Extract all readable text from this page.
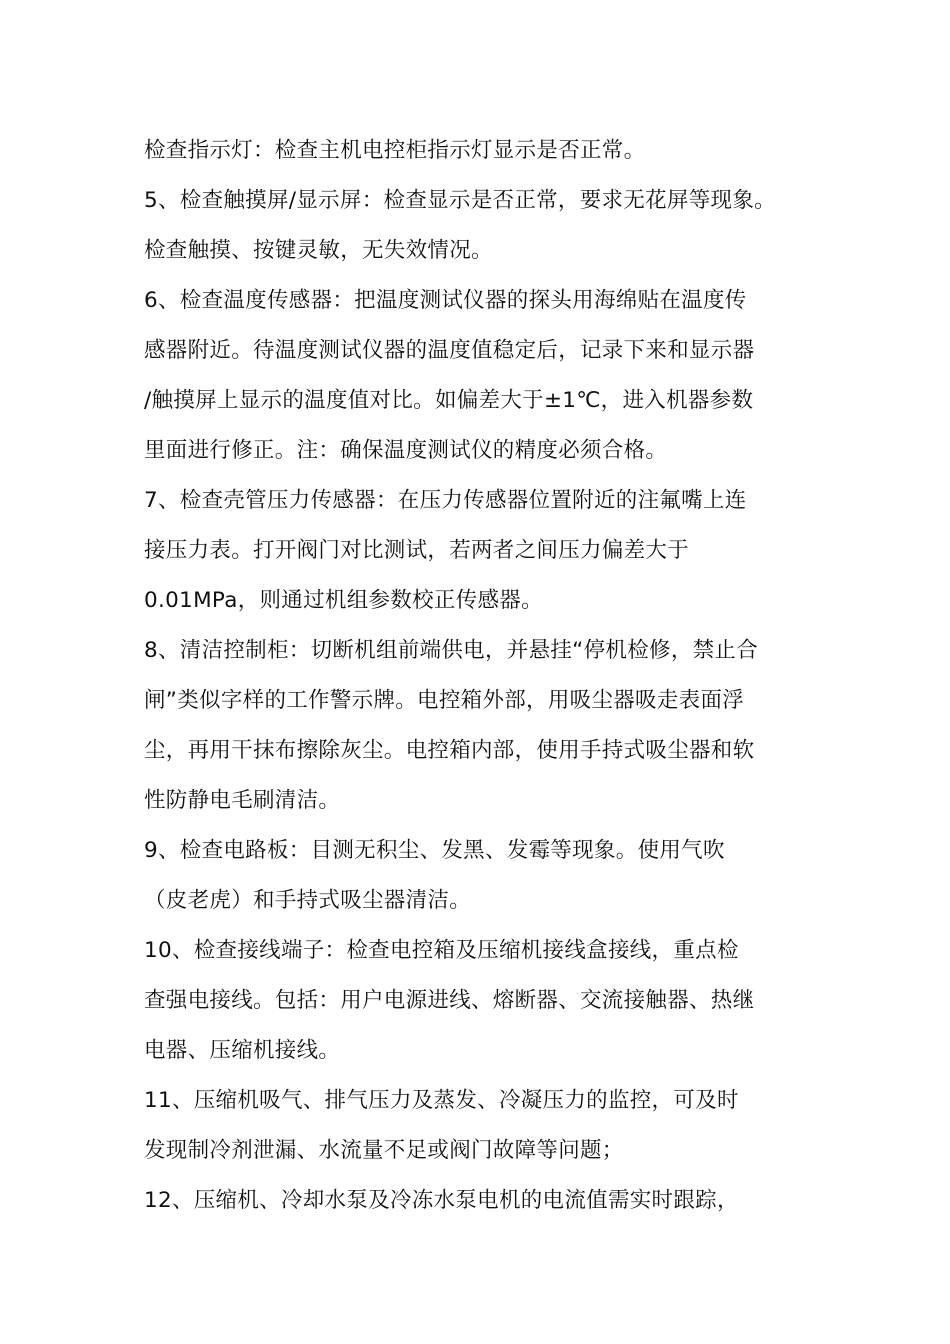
检查指示灯：检查主机电控柜指示灯显示是否正常。
5、检查触摸屏/显示屏：检查显示是否正常，要求无花屏等现象。
检查触摸、按键灵敏，无失效情况。
6、检查温度传感器：把温度测试仪器的探头用海绵贴在温度传
感器附近。待温度测试仪器的温度值稳定后，记录下来和显示器
/触摸屏上显示的温度值对比。如偏差大于±1℃，进入机器参数
里面进行修正。注：确保温度测试仪的精度必须合格。
7、检查壳管压力传感器：在压力传感器位置附近的注氟嘴上连
接压力表。打开阀门对比测试，若两者之间压力偏差大于
0.01MPa，则通过机组参数校正传感器。
8、清洁控制柜：切断机组前端供电，并悬挂“停机检修，禁止合
闸”类似字样的工作警示牌。电控箱外部，用吸尘器吸走表面浮
尘，再用干抹布擦除灰尘。电控箱内部，使用手持式吸尘器和软
性防静电毛刷清洁。
9、检查电路板：目测无积尘、发黑、发霉等现象。使用气吹
（皮老虎）和手持式吸尘器清洁。
10、检查接线端子：检查电控箱及压缩机接线盒接线，重点检
查强电接线。包括：用户电源进线、熔断器、交流接触器、热继
电器、压缩机接线。
11、压缩机吸气、排气压力及蒸发、冷凝压力的监控，可及时
发现制冷剂泄漏、水流量不足或阀门故障等问题；
12、压缩机、冷却水泵及冷冻水泵电机的电流值需实时跟踪，
